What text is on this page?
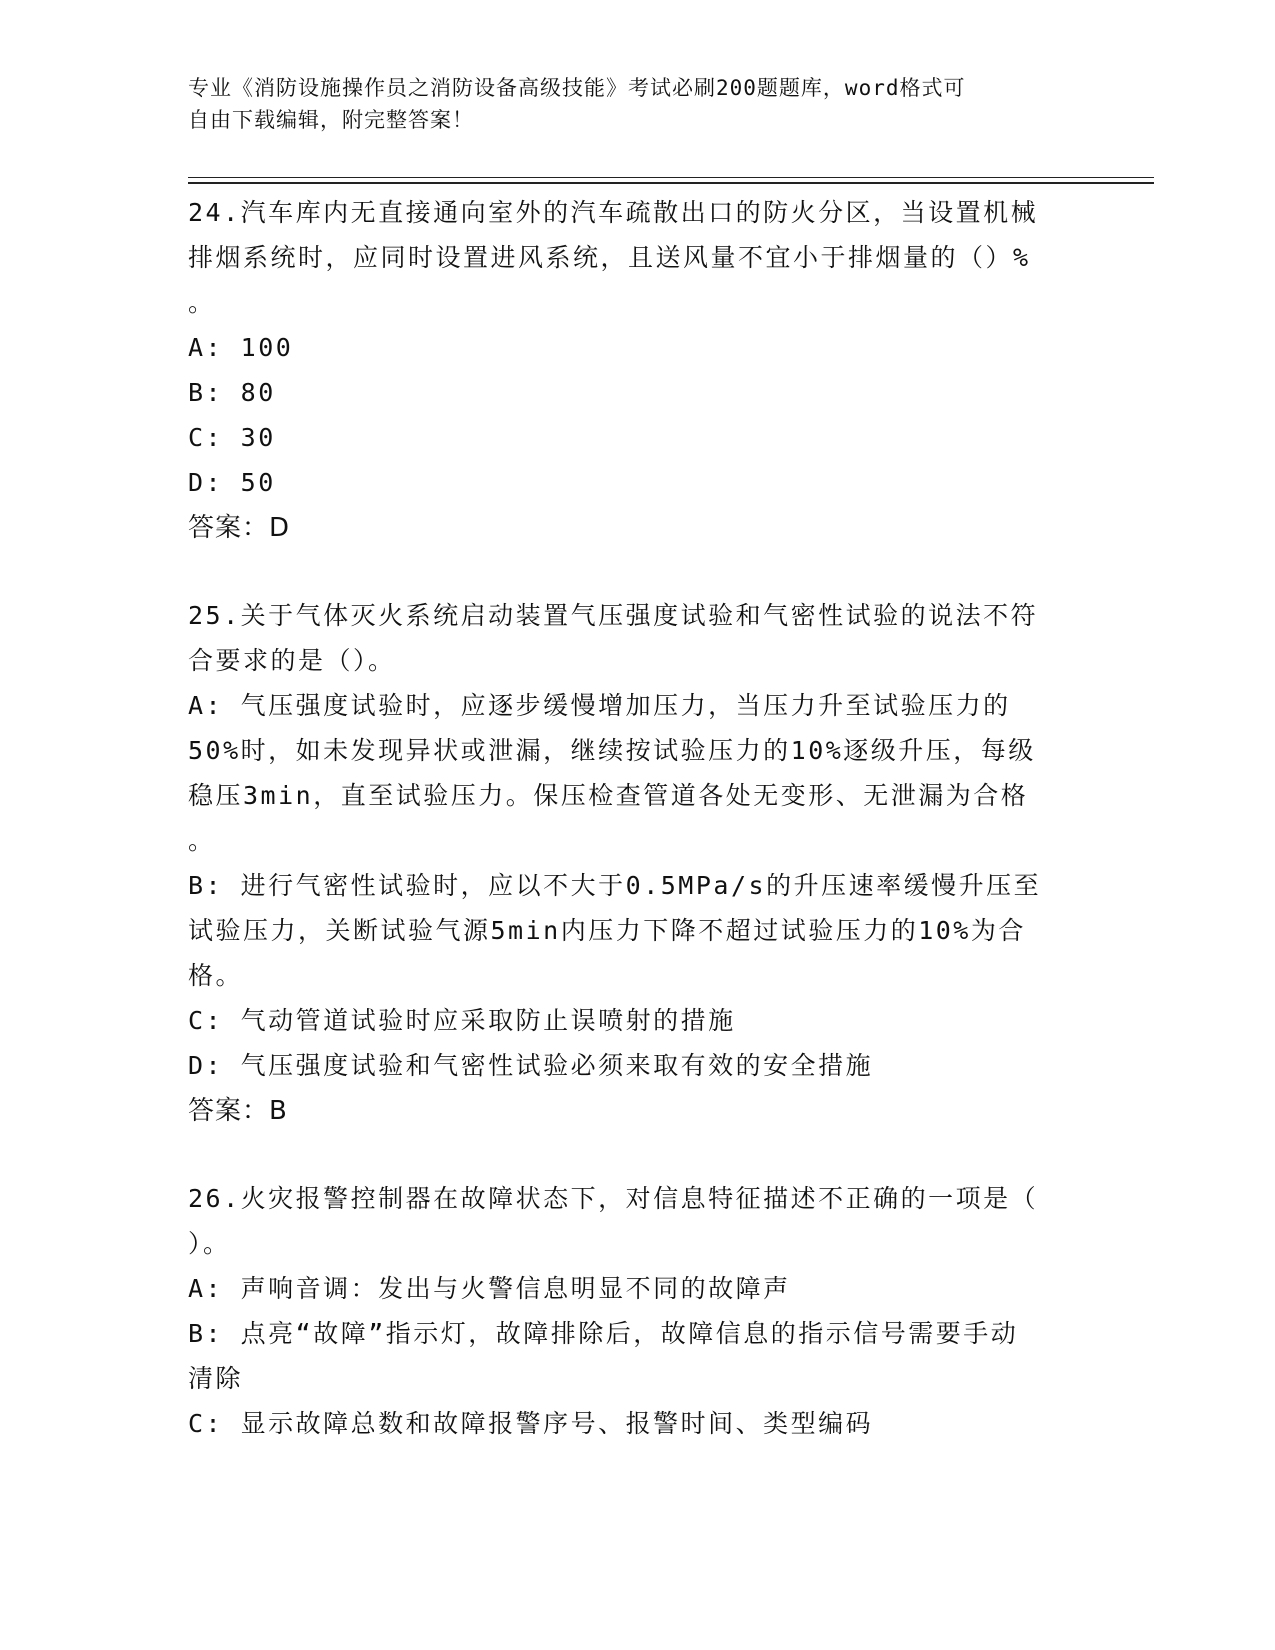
专业《消防设施操作员之消防设备高级技能》考试必刷200题题库，word格式可
自由下载编辑，附完整答案！
24.汽车库内无直接通向室外的汽车疏散出口的防火分区，当设置机械
排烟系统时，应同时设置进风系统，且送风量不宜小于排烟量的（）%
。
A: 100
B: 80
C: 30
D: 50
答案：D
25.关于气体灭火系统启动装置气压强度试验和气密性试验的说法不符
合要求的是（）。
A: 气压强度试验时，应逐步缓慢增加压力，当压力升至试验压力的
50%时，如未发现异状或泄漏，继续按试验压力的10%逐级升压，每级
稳压3min，直至试验压力。保压检查管道各处无变形、无泄漏为合格
。
B: 进行气密性试验时，应以不大于0.5MPa/s的升压速率缓慢升压至
试验压力，关断试验气源5min内压力下降不超过试验压力的10%为合
格。
C: 气动管道试验时应采取防止误喷射的措施
D: 气压强度试验和气密性试验必须来取有效的安全措施
答案：B
26.火灾报警控制器在故障状态下，对信息特征描述不正确的一项是（
）。
A: 声响音调：发出与火警信息明显不同的故障声
B: 点亮“故障”指示灯，故障排除后，故障信息的指示信号需要手动
清除
C: 显示故障总数和故障报警序号、报警时间、类型编码
